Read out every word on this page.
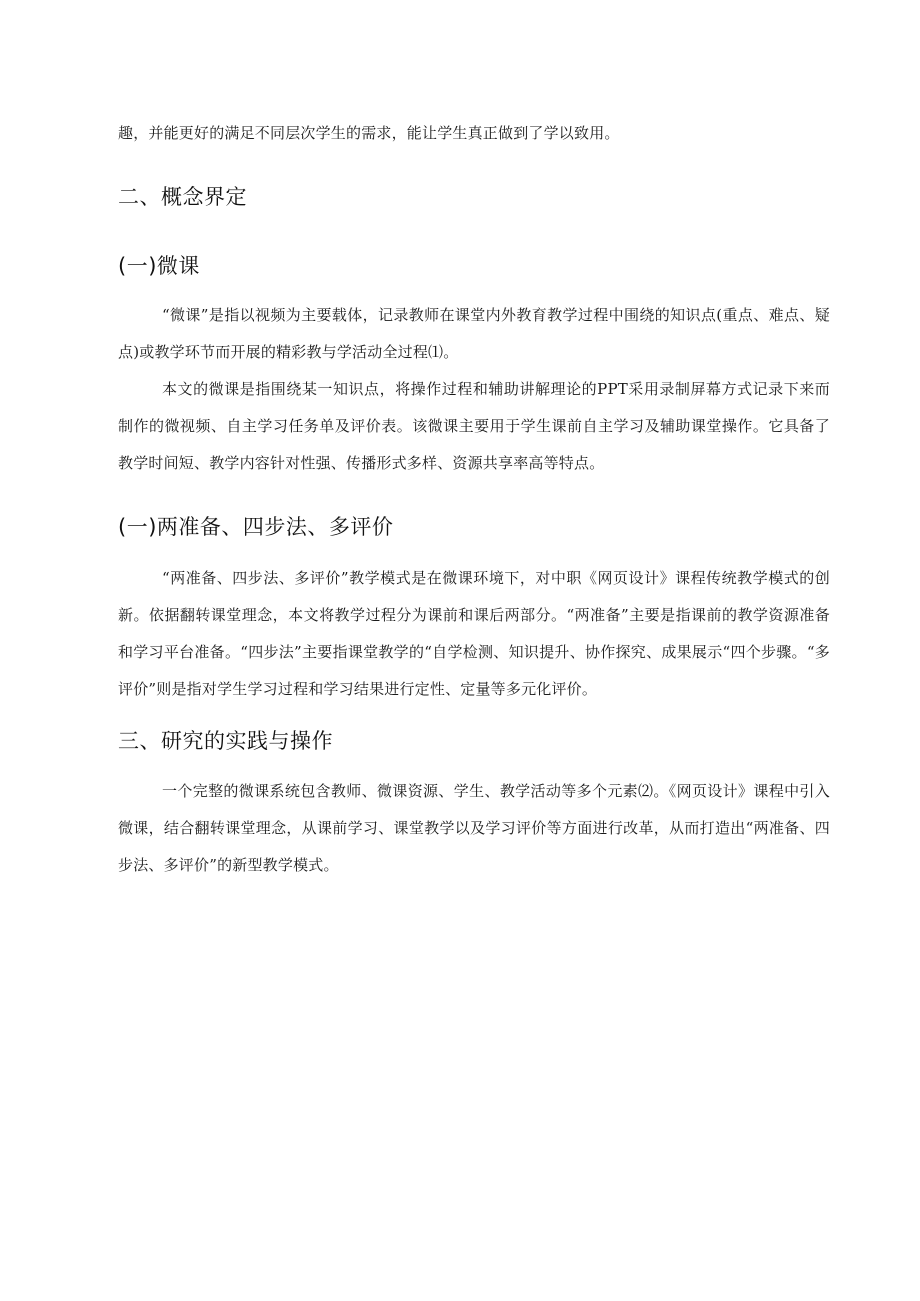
趣，并能更好的满足不同层次学生的需求，能让学生真正做到了学以致用。

二、概念界定
(一)微课

“微课”是指以视频为主要载体，记录教师在课堂内外教育教学过程中围绕的知识点(重点、难点、疑点)或教学环节而开展的精彩教与学活动全过程⑴。

本文的微课是指围绕某一知识点，将操作过程和辅助讲解理论的PPT采用录制屏幕方式记录下来而制作的微视频、自主学习任务单及评价表。该微课主要用于学生课前自主学习及辅助课堂操作。它具备了教学时间短、教学内容针对性强、传播形式多样、资源共享率高等特点。

(一)两准备、四步法、多评价

“两准备、四步法、多评价”教学模式是在微课环境下，对中职《网页设计》课程传统教学模式的创新。依据翻转课堂理念，本文将教学过程分为课前和课后两部分。“两准备”主要是指课前的教学资源准备和学习平台准备。“四步法”主要指课堂教学的“自学检测、知识提升、协作探究、成果展示“四个步骤。“多评价”则是指对学生学习过程和学习结果进行定性、定量等多元化评价。

三、研究的实践与操作

一个完整的微课系统包含教师、微课资源、学生、教学活动等多个元素⑵。《网页设计》课程中引入微课，结合翻转课堂理念，从课前学习、课堂教学以及学习评价等方面进行改革，从而打造出“两准备、四步法、多评价”的新型教学模式。
